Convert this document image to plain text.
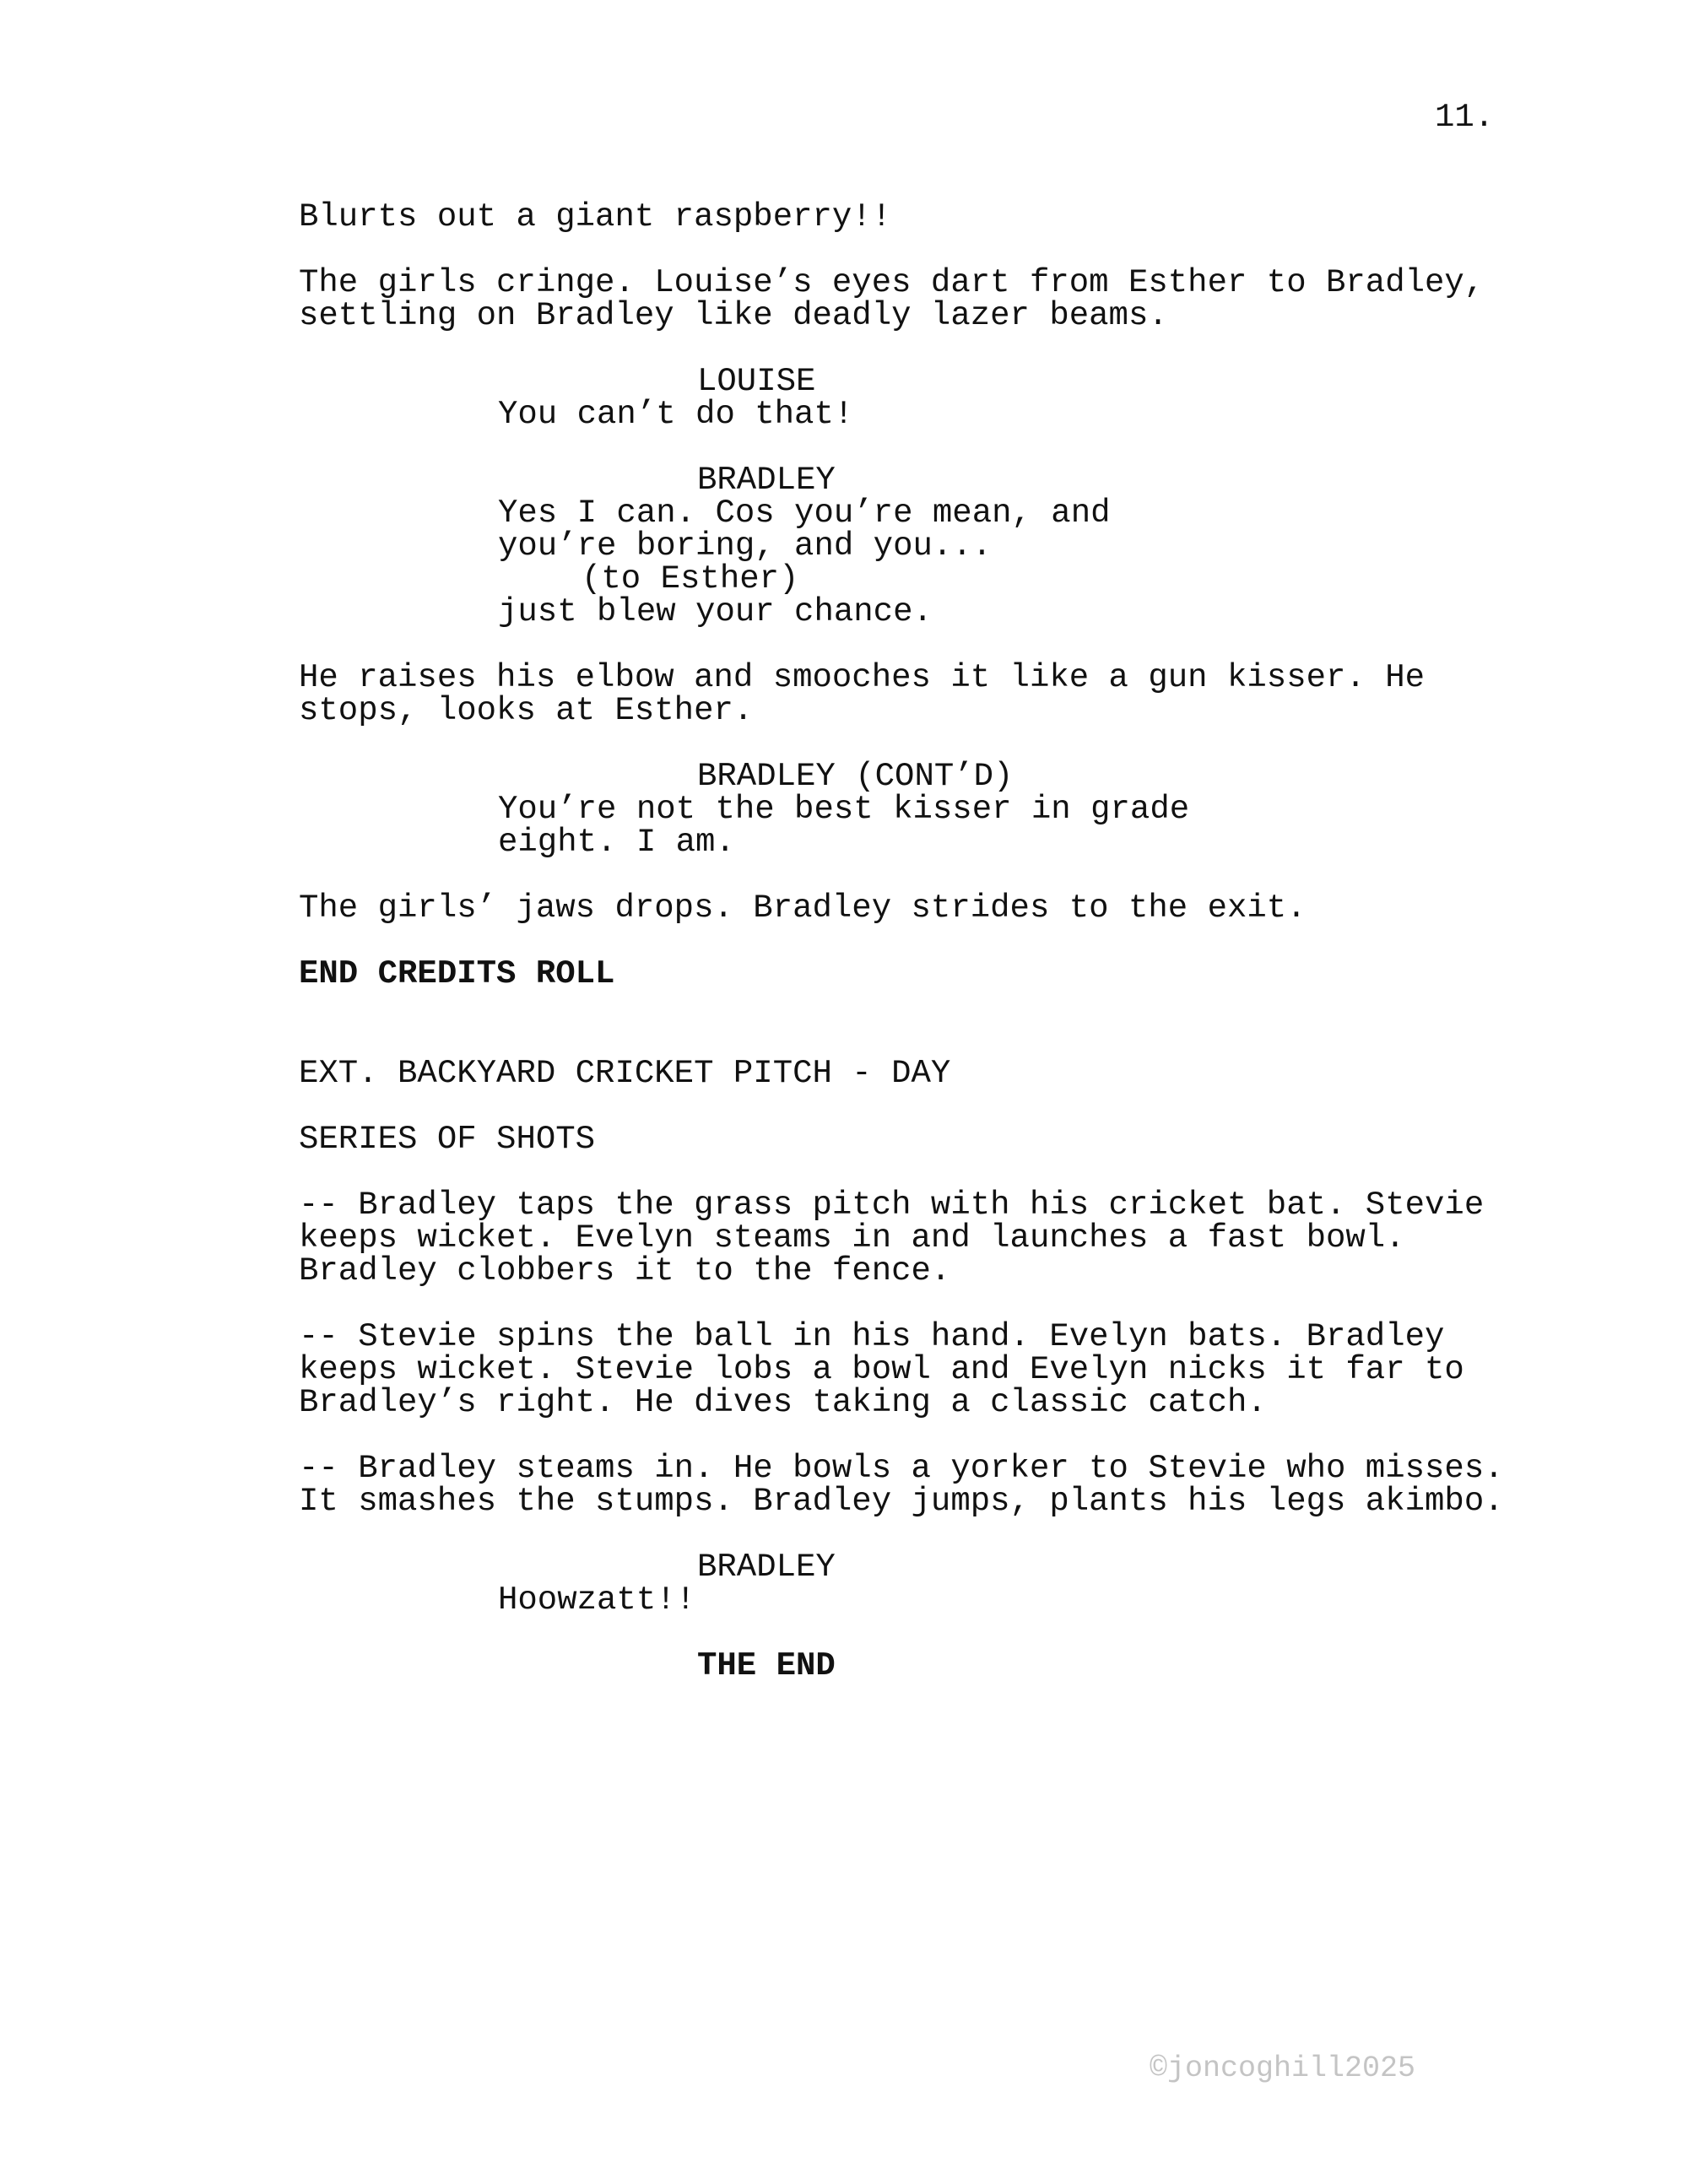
11.
Blurts out a giant raspberry!!
The girls cringe. Louise’s eyes dart from Esther to Bradley,
settling on Bradley like deadly lazer beams.
LOUISE
You can’t do that!
BRADLEY
Yes I can. Cos you’re mean, and
you’re boring, and you...
(to Esther)
just blew your chance.
He raises his elbow and smooches it like a gun kisser. He
stops, looks at Esther.
BRADLEY (CONT’D)
You’re not the best kisser in grade
eight. I am.
The girls’ jaws drops. Bradley strides to the exit.
END CREDITS ROLL
EXT. BACKYARD CRICKET PITCH - DAY
SERIES OF SHOTS
-- Bradley taps the grass pitch with his cricket bat. Stevie
keeps wicket. Evelyn steams in and launches a fast bowl.
Bradley clobbers it to the fence.
-- Stevie spins the ball in his hand. Evelyn bats. Bradley
keeps wicket. Stevie lobs a bowl and Evelyn nicks it far to
Bradley’s right. He dives taking a classic catch.
-- Bradley steams in. He bowls a yorker to Stevie who misses.
It smashes the stumps. Bradley jumps, plants his legs akimbo.
BRADLEY
Hoowzatt!!
THE END
©joncoghill2025
